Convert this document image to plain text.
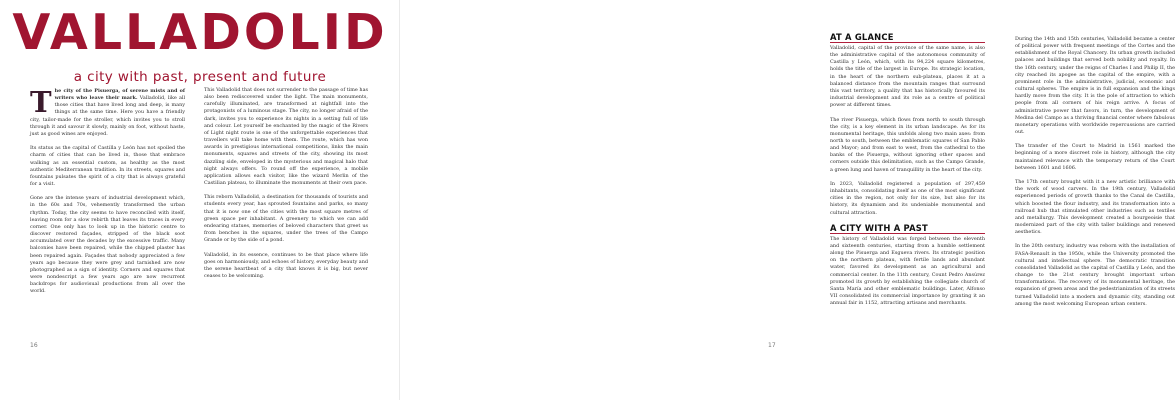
VALLADOLID
a city with past, present and future

The city of the Pisuerga, of serene mists and of writers who leave their mark. Valladolid, like all those cities that have lived long and deep, is many things at the same time. Here you have a friendly city, tailor-made for the stroller, which invites you to stroll through it and savour it slowly, mainly on foot, without haste, just as good wines are enjoyed.

Its status as the capital of Castilla y León has not spoiled the charm of cities that can be lived in, those that embrace walking as an essential custom, as healthy as the most authentic Mediterranean tradition. In its streets, squares and fountains pulsates the spirit of a city that is always grateful for a visit.

Gone are the intense years of industrial development which, in the 60s and 70s, vehemently transformed the urban rhythm. Today, the city seems to have reconciled with itself, leaving room for a slow rebirth that leaves its traces in every corner. One only has to look up in the historic centre to discover restored façades, stripped of the black soot accumulated over the decades by the excessive traffic. Many balconies have been repaired, while the chipped plaster has been repaired again. Façades that nobody appreciated a few years ago because they were grey and tarnished are now photographed as a sign of identity. Corners and squares that were nondescript a few years ago are now recurrent backdrops for audiovisual productions from all over the world.

This Valladolid that does not surrender to the passage of time has also been rediscovered under the light. The main monuments, carefully illuminated, are transformed at nightfall into the protagonists of a luminous stage. The city, no longer afraid of the dark, invites you to experience its nights in a setting full of life and colour. Let yourself be enchanted by the magic of the Rivers of Light night route is one of the unforgettable experiences that travellers will take home with them. The route, which has won awards in prestigious international competitions, links the main monuments, squares and streets of the city, showing its most dazzling side, enveloped in the mysterious and magical halo that night always offers. To round off the experience, a mobile application allows each visitor, like the wizard Merlin of the Castilian plateau, to illuminate the monuments at their own pace.

This reborn Valladolid, a destination for thousands of tourists and students every year, has sprouted fountains and parks, so many that it is now one of the cities with the most square metres of green space per inhabitant. A greenery to which we can add endearing statues, memories of beloved characters that greet us from benches in the squares, under the trees of the Campo Grande or by the side of a pond.

Valladolid, in its essence, continues to be that place where life goes on harmoniously, and echoes of history, everyday beauty and the serene heartbeat of a city that knows it is big, but never ceases to be welcoming.

16
AT A GLANCE

Valladolid, capital of the province of the same name, is also the administrative capital of the autonomous community of Castilla y León, which, with its 94,224 square kilometres, holds the title of the largest in Europe. Its strategic location, in the heart of the northern sub-plateau, places it at a balanced distance from the mountain ranges that surround this vast territory, a quality that has historically favoured its industrial development and its role as a centre of political power at different times.

The river Pisuerga, which flows from north to south through the city, is a key element in its urban landscape. As for its monumental heritage, this unfolds along two main axes: from north to south, between the emblematic squares of San Pablo and Mayor; and from east to west, from the cathedral to the banks of the Pisuerga, without ignoring other spaces and corners outside this delimitation, such as the Campo Grande, a green lung and haven of tranquillity in the heart of the city.

In 2023, Valladolid registered a population of 297,459 inhabitants, consolidating itself as one of the most significant cities in the region, not only for its size, but also for its history, its dynamism and its undeniable monumental and cultural attraction.

A CITY WITH A PAST

The history of Valladolid was forged between the eleventh and sixteenth centuries, starting from a humble settlement along the Pisuerga and Esgueva rivers. Its strategic position on the northern plateau, with fertile lands and abundant water, favored its development as an agricultural and commercial center. In the 11th century, Count Pedro Ansúrez promoted its growth by establishing the collegiate church of Santa María and other emblematic buildings. Later, Alfonso VII consolidated its commercial importance by granting it an annual fair in 1152, attracting artisans and merchants.

During the 14th and 15th centuries, Valladolid became a center of political power with frequent meetings of the Cortes and the establishment of the Royal Chancery. Its urban growth included palaces and buildings that served both nobility and royalty. In the 16th century, under the reigns of Charles I and Philip II, the city reached its apogee as the capital of the empire, with a prominent role in the administrative, judicial, economic and cultural spheres. The empire is in full expansion and the kings hardly move from the city. It is the pole of attraction to which people from all corners of his reign arrive. A focus of administrative power that favors, in turn, the development of Medina del Campo as a thriving financial center where fabulous monetary operations with worldwide repercussions are carried out.

The transfer of the Court to Madrid in 1561 marked the beginning of a more discreet role in history, although the city maintained relevance with the temporary return of the Court between 1601 and 1606.

The 17th century brought with it a new artistic brilliance with the work of wood carvers. In the 19th century, Valladolid experienced periods of growth thanks to the Canal de Castilla, which boosted the flour industry, and its transformation into a railroad hub that stimulated other industries such as textiles and metallurgy. This development created a bourgeoisie that modernized part of the city with taller buildings and renewed aesthetics.

In the 20th century, industry was reborn with the installation of FASA-Renault in the 1950s, while the University promoted the cultural and intellectual sphere. The democratic transition consolidated Valladolid as the capital of Castilla y León, and the change to the 21st century brought important urban transformations. The recovery of its monumental heritage, the expansion of green areas and the pedestrianization of its streets turned Valladolid into a modern and dynamic city, standing out among the most welcoming European urban centers.

17
